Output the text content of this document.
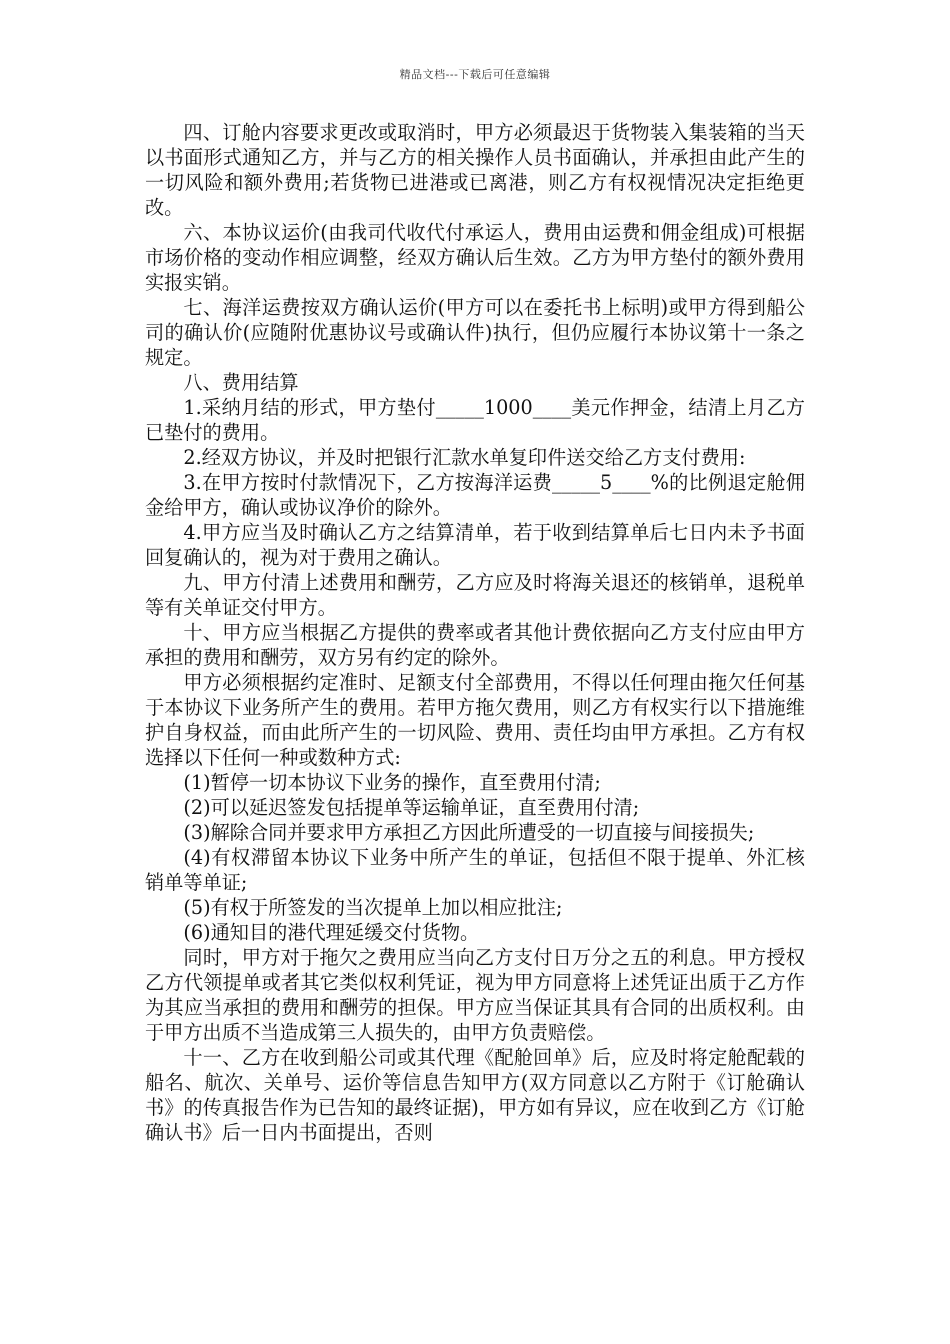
精品文档---下载后可任意编辑

四、订舱内容要求更改或取消时，甲方必须最迟于货物装入集装箱的当天以书面形式通知乙方，并与乙方的相关操作人员书面确认，并承担由此产生的一切风险和额外费用;若货物已进港或已离港，则乙方有权视情况决定拒绝更改。

六、本协议运价(由我司代收代付承运人，费用由运费和佣金组成)可根据市场价格的变动作相应调整，经双方确认后生效。乙方为甲方垫付的额外费用实报实销。

七、海洋运费按双方确认运价(甲方可以在委托书上标明)或甲方得到船公司的确认价(应随附优惠协议号或确认件)执行，但仍应履行本协议第十一条之规定。

八、费用结算

1.采纳月结的形式，甲方垫付_____1000____美元作押金，结清上月乙方已垫付的费用。

2.经双方协议，并及时把银行汇款水单复印件送交给乙方支付费用:

3.在甲方按时付款情况下，乙方按海洋运费_____5____%的比例退定舱佣金给甲方，确认或协议净价的除外。

4.甲方应当及时确认乙方之结算清单，若于收到结算单后七日内未予书面回复确认的，视为对于费用之确认。

九、甲方付清上述费用和酬劳，乙方应及时将海关退还的核销单，退税单等有关单证交付甲方。

十、甲方应当根据乙方提供的费率或者其他计费依据向乙方支付应由甲方承担的费用和酬劳，双方另有约定的除外。

甲方必须根据约定准时、足额支付全部费用，不得以任何理由拖欠任何基于本协议下业务所产生的费用。若甲方拖欠费用，则乙方有权实行以下措施维护自身权益，而由此所产生的一切风险、费用、责任均由甲方承担。乙方有权选择以下任何一种或数种方式:

(1)暂停一切本协议下业务的操作，直至费用付清;

(2)可以延迟签发包括提单等运输单证，直至费用付清;

(3)解除合同并要求甲方承担乙方因此所遭受的一切直接与间接损失;

(4)有权滞留本协议下业务中所产生的单证，包括但不限于提单、外汇核销单等单证;

(5)有权于所签发的当次提单上加以相应批注;

(6)通知目的港代理延缓交付货物。

同时，甲方对于拖欠之费用应当向乙方支付日万分之五的利息。甲方授权乙方代领提单或者其它类似权利凭证，视为甲方同意将上述凭证出质于乙方作为其应当承担的费用和酬劳的担保。甲方应当保证其具有合同的出质权利。由于甲方出质不当造成第三人损失的，由甲方负责赔偿。

十一、乙方在收到船公司或其代理《配舱回单》后，应及时将定舱配载的船名、航次、关单号、运价等信息告知甲方(双方同意以乙方附于《订舱确认书》的传真报告作为已告知的最终证据)，甲方如有异议，应在收到乙方《订舱确认书》后一日内书面提出，否则
